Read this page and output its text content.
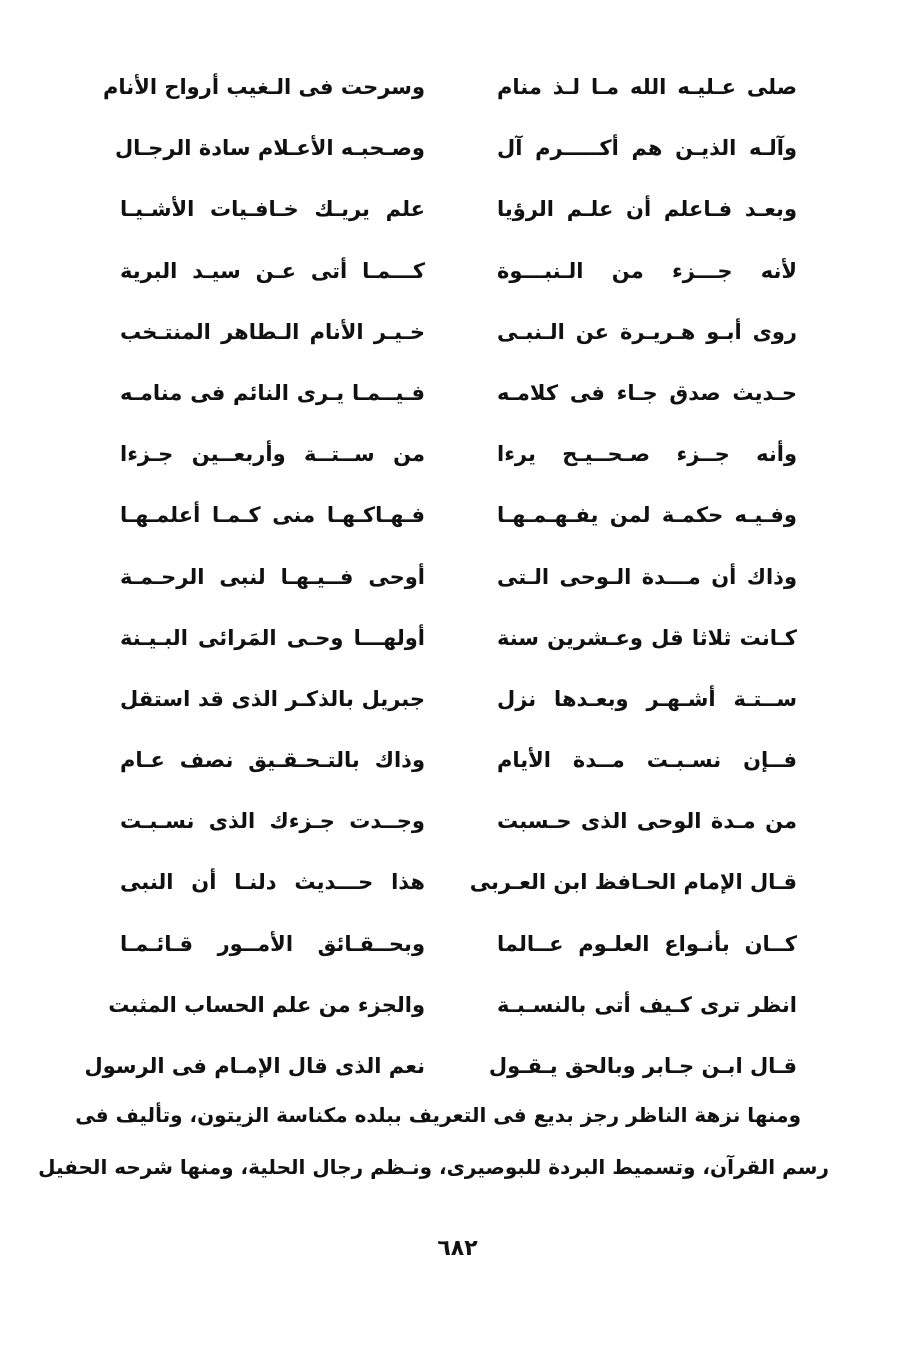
صلى عـليـه الله مـا لـذ منام
وسرحت فى الـغيب أرواح الأنام
وآلـه الذيـن هم أكـــــرم آل
وصـحبـه الأعـلام سادة الرجـال
وبعـد فـاعلم أن علـم الرؤيا
علم يريـك خـافـيات الأشـيـا
لأنه جـــزء من الـنبـــوة
كـــمـا أتى عـن سيـد البرية
روى أبـو هـريـرة عن الـنبـى
خـيـر الأنام الـطاهر المنتـخب
حـديث صدق جـاء فى كلامـه
فـيــمـا يـرى النائم فى منامـه
وأنه جــزء صـحــيـح يرءا
من ســتــة وأربعــين جـزءا
وفـيـه حكمـة لمن يفـهـمـهـا
فـهـاكـهـا منى كـمـا أعلمـهـا
وذاك أن مـــدة الـوحى الـتى
أوحى فــيـهـا لنبى الرحـمـة
كـانت ثلاثا قل وعـشرين سنة
أولهـــا وحـى المَرائى البـيـنة
ســتـة أشـهـر وبعـدها نزل
جبريل بالذكـر الذى قد استقل
فــإن نسـبـت مــدة الأيام
وذاك بالتـحـقـيق نصف عـام
من مـدة الوحى الذى حـسبت
وجــدت جـزءك الذى نسـبـت
قـال الإمام الحـافظ ابن العـربى
هذا حـــديث دلنـا أن النبى
كــان بأنـواع العلـوم عــالما
وبحــقـائق الأمــور قـائـمـا
انظر ترى كـيف أتى بالنسـبـة
والجزء من علم الحساب المثبت
قـال ابـن جـابر وبالحق يـقـول
نعم الذى قال الإمـام فى الرسول
ومنها نزهة الناظر رجز بديع فى التعريف ببلده مكناسة الزيتون، وتأليف فى
رسم القرآن، وتسميط البردة للبوصيرى، ونـظم رجال الحلية، ومنها شرحه الحفيل
٦٨٢
